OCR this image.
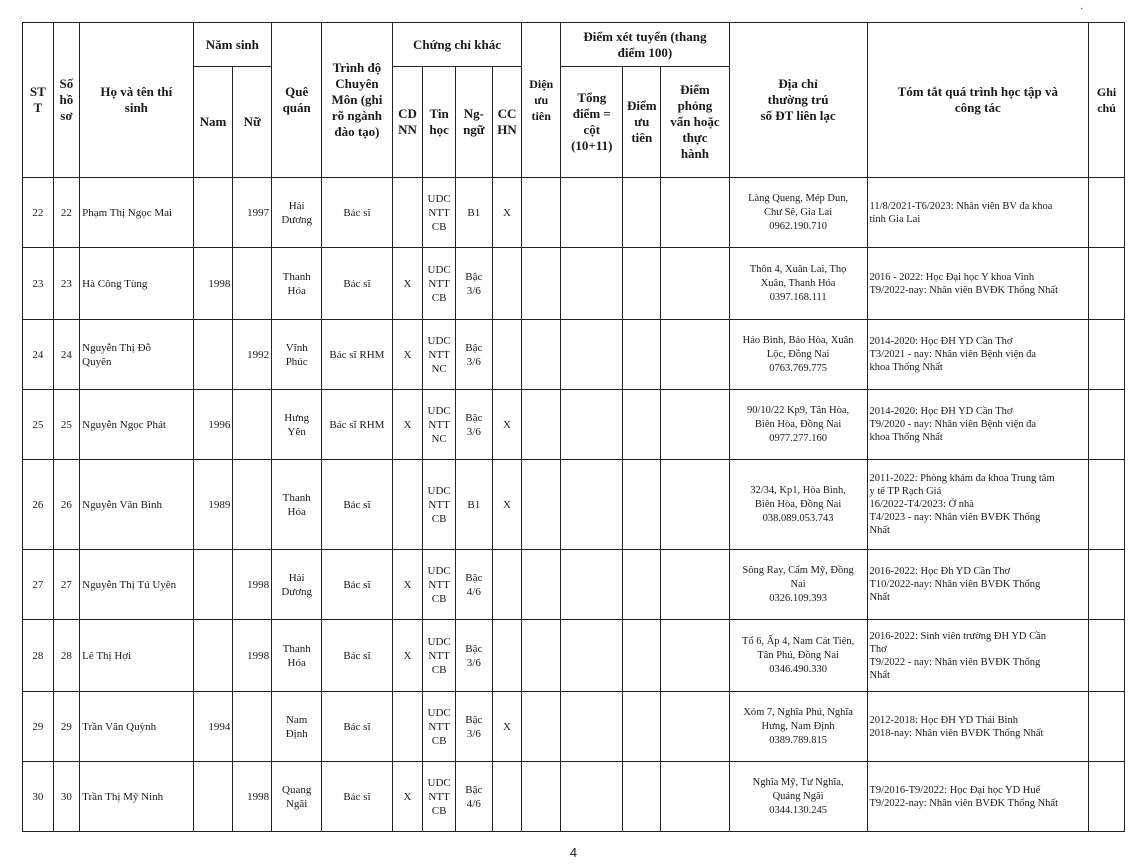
ST
T	Số
hồ
sơ	Họ và tên thí
sinh	Năm sinh		Quê
quán	Trình độ
Chuyên
Môn (ghi
rõ ngành
đào tạo)	Chứng chỉ khác				Diện
ưu
tiên	Điểm xét tuyển (thang
điểm 100)			Địa chỉ
thường trú
số ĐT liên lạc	Tóm tắt quá trình học tập và
công tác	Ghi
chú
			Nam	Nữ			CD
NN	Tin
học	Ng-
ngữ	CC
HN		Tổng
điểm =
cột
(10+11)	Điểm
ưu
tiên	Điểm
phỏng
vấn hoặc
thực
hành			
22	22	Phạm Thị Ngọc Mai		1997	Hải
Dương	Bác sĩ		UDC
NTT
CB	B1	X					Làng Queng, Mép Dun,
Chư Sê, Gia Lai
0962.190.710	11/8/2021-T6/2023: Nhân viên BV đa khoa
tỉnh Gia Lai	
23	23	Hà Công Tùng	1998		Thanh
Hóa	Bác sĩ	X	UDC
NTT
CB	Bậc 3/6						Thôn 4, Xuân Lai, Thọ
Xuân, Thanh Hóa
0397.168.111	2016 - 2022: Học Đại học Y khoa Vinh
T9/2022-nay: Nhân viên BVĐK Thống Nhất	
24	24	Nguyễn Thị Đỗ
Quyên		1992	Vĩnh
Phúc	Bác sĩ RHM	X	UDC
NTT
NC	Bậc 3/6						Hảo Bình, Bảo Hòa, Xuân
Lộc, Đồng Nai
0763.769.775	2014-2020: Học ĐH YD Cần Thơ
T3/2021 - nay: Nhân viên Bệnh viện đa
khoa Thống Nhất	
25	25	Nguyễn Ngọc Phát	1996		Hưng
Yên	Bác sĩ RHM	X	UDC
NTT
NC	Bậc 3/6	X					90/10/22 Kp9, Tân Hòa,
Biên Hòa, Đồng Nai
0977.277.160	2014-2020: Học ĐH YD Cần Thơ
T9/2020 - nay: Nhân viên Bệnh viện đa
khoa Thống Nhất	
26	26	Nguyễn Văn Bình	1989		Thanh
Hóa	Bác sĩ		UDC
NTT
CB	B1	X					32/34, Kp1, Hòa Bình,
Biên Hòa, Đồng Nai
038.089.053.743	2011-2022: Phòng khám đa khoa Trung tâm
y tế TP Rạch Giá
16/2022-T4/2023: Ở nhà
T4/2023 - nay: Nhân viên BVĐK Thống
Nhất	
27	27	Nguyễn Thị Tú Uyên		1998	Hải
Dương	Bác sĩ	X	UDC
NTT
CB	Bậc 4/6						Sông Ray, Cẩm Mỹ, Đồng
Nai
0326.109.393	2016-2022: Học Đh YD Cần Thơ
T10/2022-nay: Nhân viên BVĐK Thống
Nhất	
28	28	Lê Thị Hợi		1998	Thanh
Hóa	Bác sĩ	X	UDC
NTT
CB	Bậc 3/6						Tổ 6, Ấp 4, Nam Cát Tiên,
Tân Phú, Đồng Nai
0346.490.330	2016-2022: Sinh viên trường ĐH YD Cần
Thơ
T9/2022 - nay: Nhân viên BVĐK Thống
Nhất	
29	29	Trần Văn Quỳnh	1994		Nam
Định	Bác sĩ		UDC
NTT
CB	Bậc 3/6	X					Xóm 7, Nghĩa Phú, Nghĩa
Hưng, Nam Định
0389.789.815	2012-2018: Học ĐH YD Thái Bình
2018-nay: Nhân viên BVĐK Thống Nhất	
30	30	Trần Thị Mỹ Ninh		1998	Quang
Ngãi	Bác sĩ	X	UDC
NTT
CB	Bậc 4/6						Nghĩa Mỹ, Tư Nghĩa,
Quảng Ngãi
0344.130.245	T9/2016-T9/2022: Học Đại học YD Huế
T9/2022-nay: Nhân viên BVĐK Thống Nhất	
·
4
